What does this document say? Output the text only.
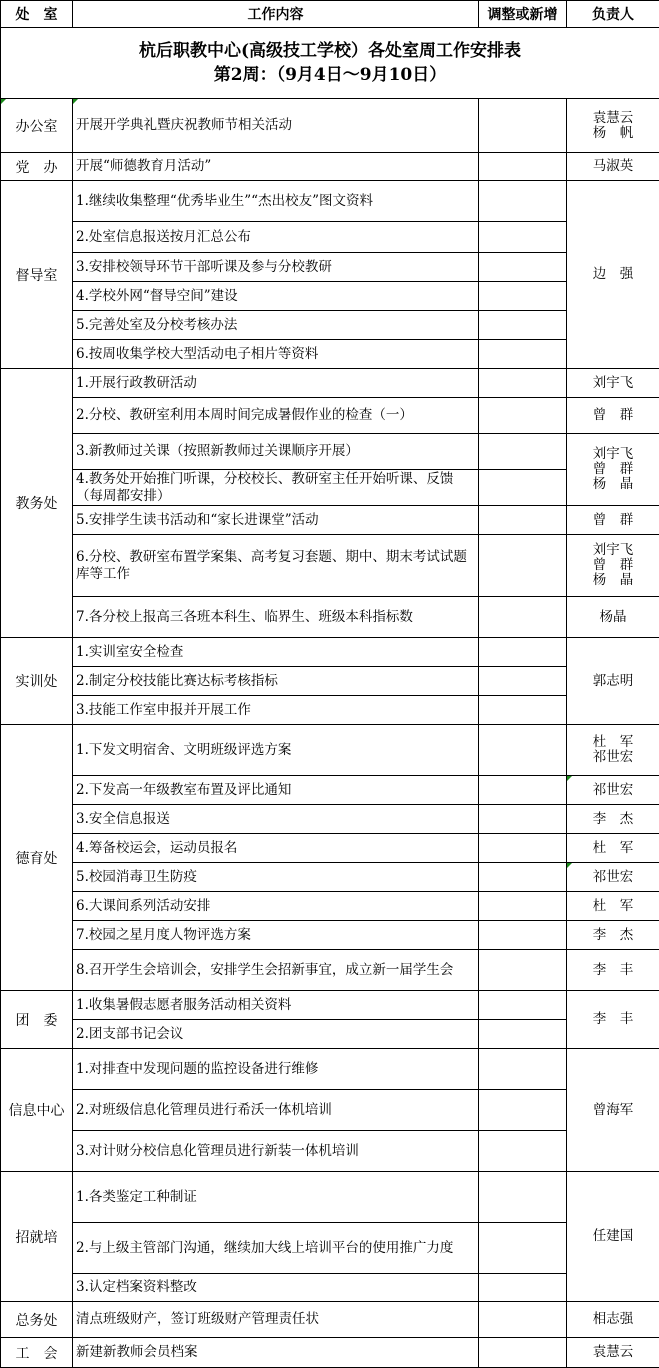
杭后职教中心(高级技工学校）各处室周工作安排表
第2周：（9月4日～9月10日）			

处　室	工作内容	调整或新增	负责人
办公室	开展开学典礼暨庆祝教师节相关活动		袁慧云
杨　帆

党　办	开展“师德教育月活动”		马淑英

督导室	1.继续收集整理“优秀毕业生”“杰出校友”图文资料		边　强

	2.处室信息报送按月汇总公布		
	3.安排校领导环节干部听课及参与分校教研		
	4.学校外网“督导空间”建设		
	5.完善处室及分校考核办法		
	6.按周收集学校大型活动电子相片等资料		
教务处	1.开展行政教研活动		刘宇飞

	2.分校、教研室利用本周时间完成暑假作业的检查（一）		曾　群

	3.新教师过关课（按照新教师过关课顺序开展）		刘宇飞
曾　群
杨　晶

	4.教务处开始推门听课，分校校长、教研室主任开始听课、反馈（每周都安排）		
	5.安排学生读书活动和“家长进课堂”活动		曾　群

	6.分校、教研室布置学案集、高考复习套题、期中、期末考试试题库等工作		刘宇飞
曾　群
杨　晶

	7.各分校上报高三各班本科生、临界生、班级本科指标数		杨晶

实训处	1.实训室安全检查		郭志明

	2.制定分校技能比赛达标考核指标		
	3.技能工作室申报并开展工作		
德育处	1.下发文明宿舍、文明班级评选方案		杜　军
祁世宏

	2.下发高一年级教室布置及评比通知		祁世宏

	3.安全信息报送		李　杰

	4.筹备校运会，运动员报名		杜　军

	5.校园消毒卫生防疫		祁世宏

	6.大课间系列活动安排		杜　军

	7.校园之星月度人物评选方案		李　杰

	8.召开学生会培训会，安排学生会招新事宜，成立新一届学生会		李　丰

团　委	1.收集暑假志愿者服务活动相关资料		李　丰

	2.团支部书记会议		
信息中心	1.对排查中发现问题的监控设备进行维修		曾海军

	2.对班级信息化管理员进行希沃一体机培训		
	3.对计财分校信息化管理员进行新装一体机培训		
招就培	1.各类鉴定工种制证		任建国

	2.与上级主管部门沟通，继续加大线上培训平台的使用推广力度		
	3.认定档案资料整改		
总务处	清点班级财产，签订班级财产管理责任状		相志强

工　会	新建新教师会员档案		袁慧云
